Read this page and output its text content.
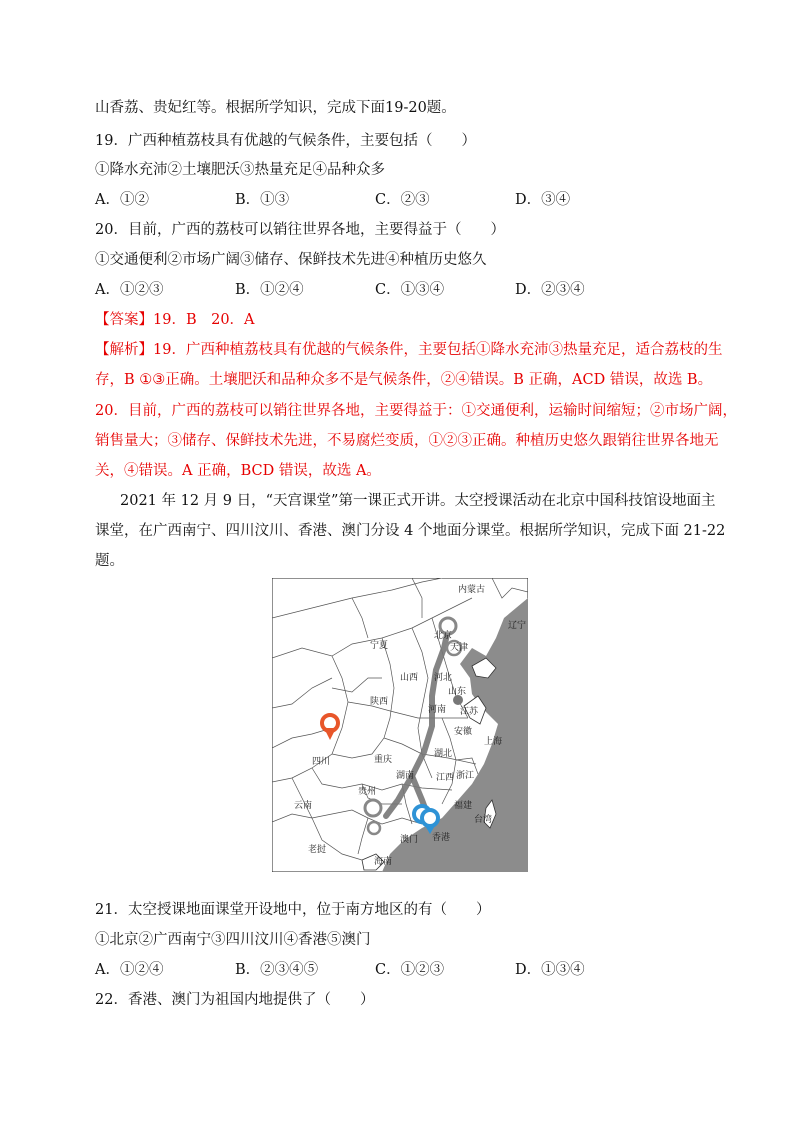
山香荔、贵妃红等。根据所学知识，完成下面19-20题。
19．广西种植荔枝具有优越的气候条件，主要包括（　　）
①降水充沛②土壤肥沃③热量充足④品种众多
A．①②	B．①③	C．②③	D．③④
20．目前，广西的荔枝可以销往世界各地，主要得益于（　　）
①交通便利②市场广阔③储存、保鲜技术先进④种植历史悠久
A．①②③	B．①②④	C．①③④	D．②③④
【答案】19．B　20．A
【解析】19．广西种植荔枝具有优越的气候条件，主要包括①降水充沛③热量充足，适合荔枝的生
存，B ①③正确。土壤肥沃和品种众多不是气候条件，②④错误。B 正确，ACD 错误，故选 B。
20．目前，广西的荔枝可以销往世界各地，主要得益于：①交通便利，运输时间缩短；②市场广阔，
销售量大；③储存、保鲜技术先进，不易腐烂变质，①②③正确。种植历史悠久跟销往世界各地无
关，④错误。A 正确，BCD 错误，故选 A。
2021 年 12 月 9 日，“天宫课堂”第一课正式开讲。太空授课活动在北京中国科技馆设地面主
课堂，在广西南宁、四川汶川、香港、澳门分设 4 个地面分课堂。根据所学知识，完成下面 21-22
题。
内蒙古
辽宁
北京
天津
宁夏
山西 河北
山东
陕西
河南 江苏
安徽
上海
四川
湖北
重庆
浙江
江西
湖南
贵州
福建
云南
台湾
澳门 香港
老挝
海南
21．太空授课地面课堂开设地中，位于南方地区的有（　　）
①北京②广西南宁③四川汶川④香港⑤澳门
A．①②④	B．②③④⑤	C．①②③	D．①③④
22．香港、澳门为祖国内地提供了（　　）
